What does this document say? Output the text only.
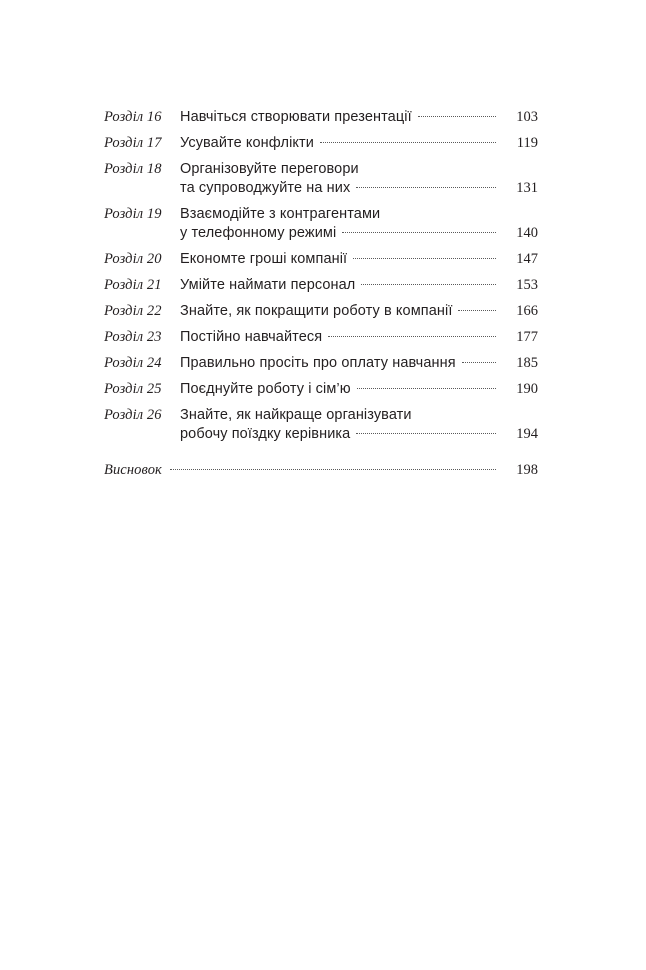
Розділ 16	Навчіться створювати презентації	103
Розділ 17	Усувайте конфлікти	119
Розділ 18	Організовуйте переговори
та супроводжуйте на них	131
Розділ 19	Взаємодійте з контрагентами
у телефонному режимі	140
Розділ 20	Економте гроші компанії	147
Розділ 21	Умійте наймати персонал	153
Розділ 22	Знайте, як покращити роботу в компанії	166
Розділ 23	Постійно навчайтеся	177
Розділ 24	Правильно просіть про оплату навчання	185
Розділ 25	Поєднуйте роботу і сім’ю	190
Розділ 26	Знайте, як найкраще організувати
робочу поїздку керівника	194
Висновок	198
